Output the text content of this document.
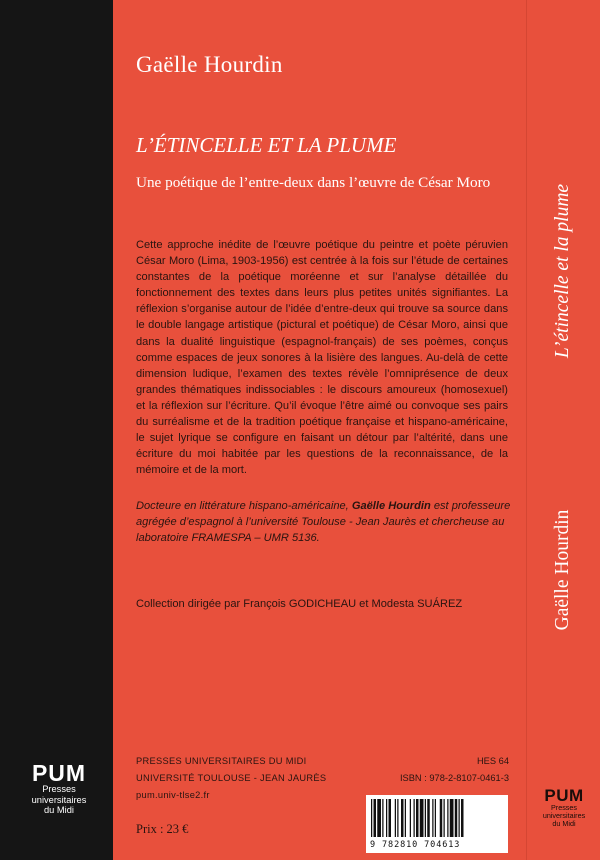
Gaëlle Hourdin
L’ÉTINCELLE ET LA PLUME
Une poétique de l’entre-deux dans l’œuvre de César Moro
Cette approche inédite de l’œuvre poétique du peintre et poète péruvien César Moro (Lima, 1903-1956) est centrée à la fois sur l’étude de certaines constantes de la poétique moréenne et sur l’analyse détaillée du fonctionnement des textes dans leurs plus petites unités signifiantes. La réflexion s’organise autour de l’idée d’entre-deux qui trouve sa source dans le double langage artistique (pictural et poétique) de César Moro, ainsi que dans la dualité linguistique (espagnol-français) de ses poèmes, conçus comme espaces de jeux sonores à la lisière des langues. Au-delà de cette dimension ludique, l’examen des textes révèle l’omniprésence de deux grandes thématiques indissociables : le discours amoureux (homosexuel) et la réflexion sur l’écriture. Qu’il évoque l’être aimé ou convoque ses pairs du surréalisme et de la tradition poétique française et hispano-américaine, le sujet lyrique se configure en faisant un détour par l’altérité, dans une écriture du moi habitée par les questions de la reconnaissance, de la mémoire et de la mort.
Docteure en littérature hispano-américaine, Gaëlle Hourdin est professeure agrégée d’espagnol à l’université Toulouse - Jean Jaurès et chercheuse au laboratoire FRAMESPA – UMR 5136.
Collection dirigée par François GODICHEAU et Modesta SUÁREZ
PRESSES UNIVERSITAIRES DU MIDI
UNIVERSITÉ TOULOUSE - JEAN JAURÈS
pum.univ-tlse2.fr
Prix : 23 €
HES 64
ISBN : 978-2-8107-0461-3
9 782810 704613
PUM
Presses
universitaires
du Midi
PUM
Presses
universitaires
du Midi
L’étincelle et la plume
Gaëlle Hourdin
